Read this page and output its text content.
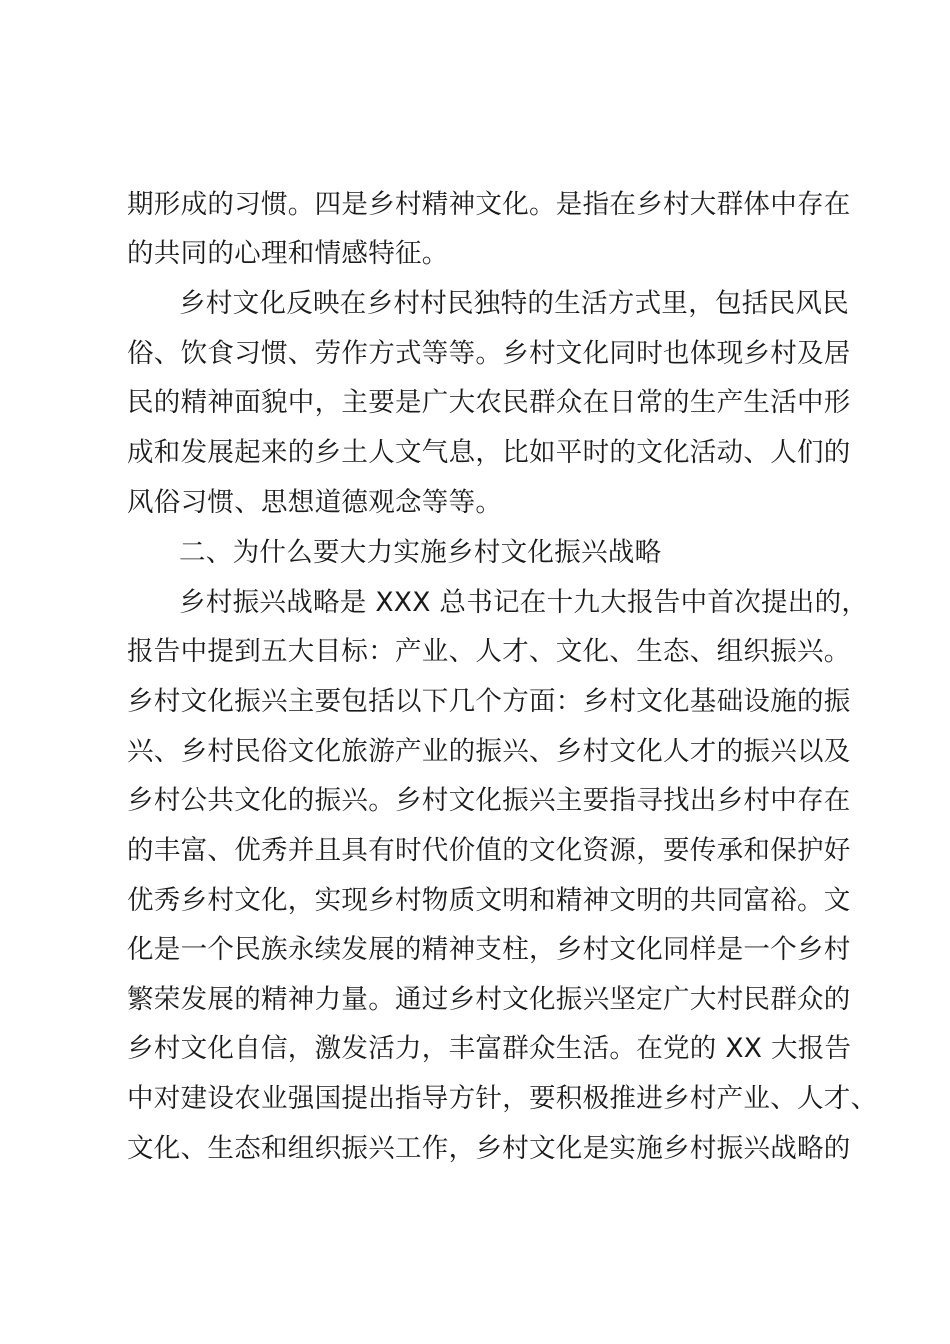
期形成的习惯。四是乡村精神文化。是指在乡村大群体中存在
的共同的心理和情感特征。
乡村文化反映在乡村村民独特的生活方式里，包括民风民
俗、饮食习惯、劳作方式等等。乡村文化同时也体现乡村及居
民的精神面貌中，主要是广大农民群众在日常的生产生活中形
成和发展起来的乡土人文气息，比如平时的文化活动、人们的
风俗习惯、思想道德观念等等。
二、为什么要大力实施乡村文化振兴战略
乡村振兴战略是 XXX 总书记在十九大报告中首次提出的，
报告中提到五大目标：产业、人才、文化、生态、组织振兴。
乡村文化振兴主要包括以下几个方面：乡村文化基础设施的振
兴、乡村民俗文化旅游产业的振兴、乡村文化人才的振兴以及
乡村公共文化的振兴。乡村文化振兴主要指寻找出乡村中存在
的丰富、优秀并且具有时代价值的文化资源，要传承和保护好
优秀乡村文化，实现乡村物质文明和精神文明的共同富裕。文
化是一个民族永续发展的精神支柱，乡村文化同样是一个乡村
繁荣发展的精神力量。通过乡村文化振兴坚定广大村民群众的
乡村文化自信，激发活力，丰富群众生活。在党的 XX 大报告
中对建设农业强国提出指导方针，要积极推进乡村产业、人才、
文化、生态和组织振兴工作，乡村文化是实施乡村振兴战略的
